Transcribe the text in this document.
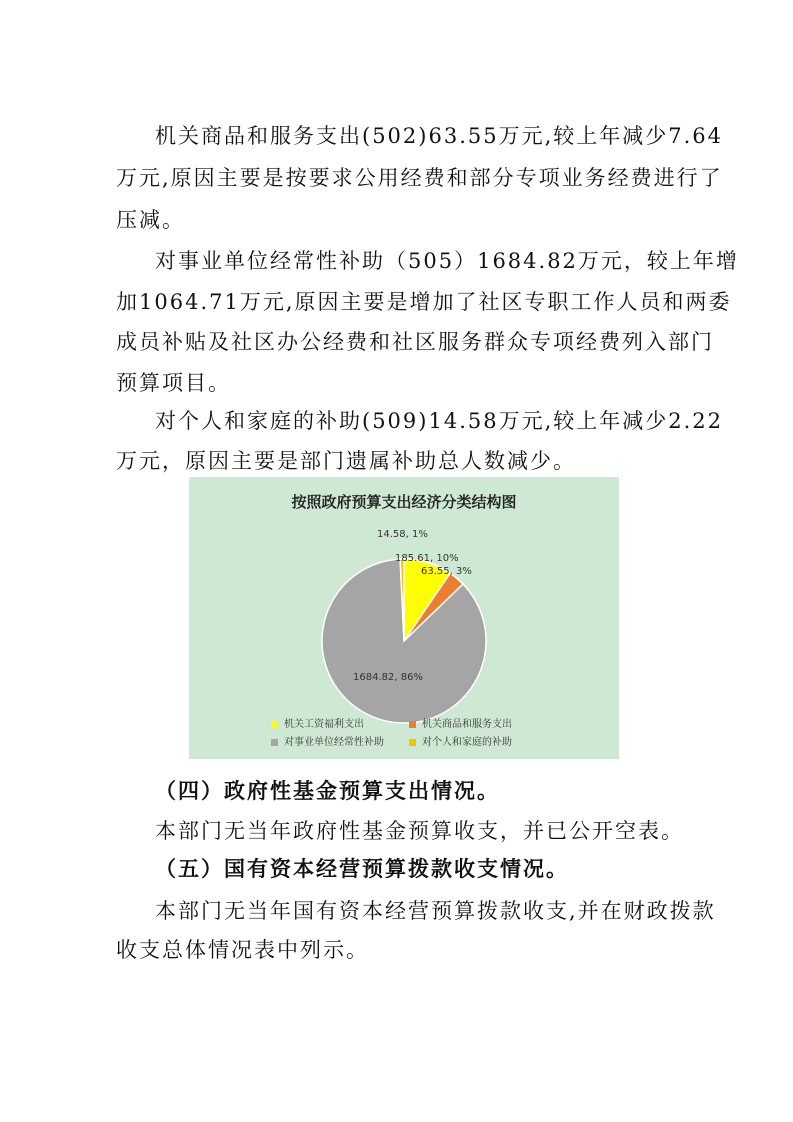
机关商品和服务支出(502)63.55万元,较上年减少7.64
万元,原因主要是按要求公用经费和部分专项业务经费进行了
压减。
对事业单位经常性补助（505）1684.82万元，较上年增
加1064.71万元,原因主要是增加了社区专职工作人员和两委
成员补贴及社区办公经费和社区服务群众专项经费列入部门
预算项目。
对个人和家庭的补助(509)14.58万元,较上年减少2.22
万元，原因主要是部门遗属补助总人数减少。
按照政府预算支出经济分类结构图
14.58, 1%
185.61, 10%
63.55, 3%
1684.82, 86%
机关工资福利支出	机关商品和服务支出
对事业单位经常性补助	对个人和家庭的补助
（四）政府性基金预算支出情况。
本部门无当年政府性基金预算收支，并已公开空表。
（五）国有资本经营预算拨款收支情况。
本部门无当年国有资本经营预算拨款收支,并在财政拨款
收支总体情况表中列示。
